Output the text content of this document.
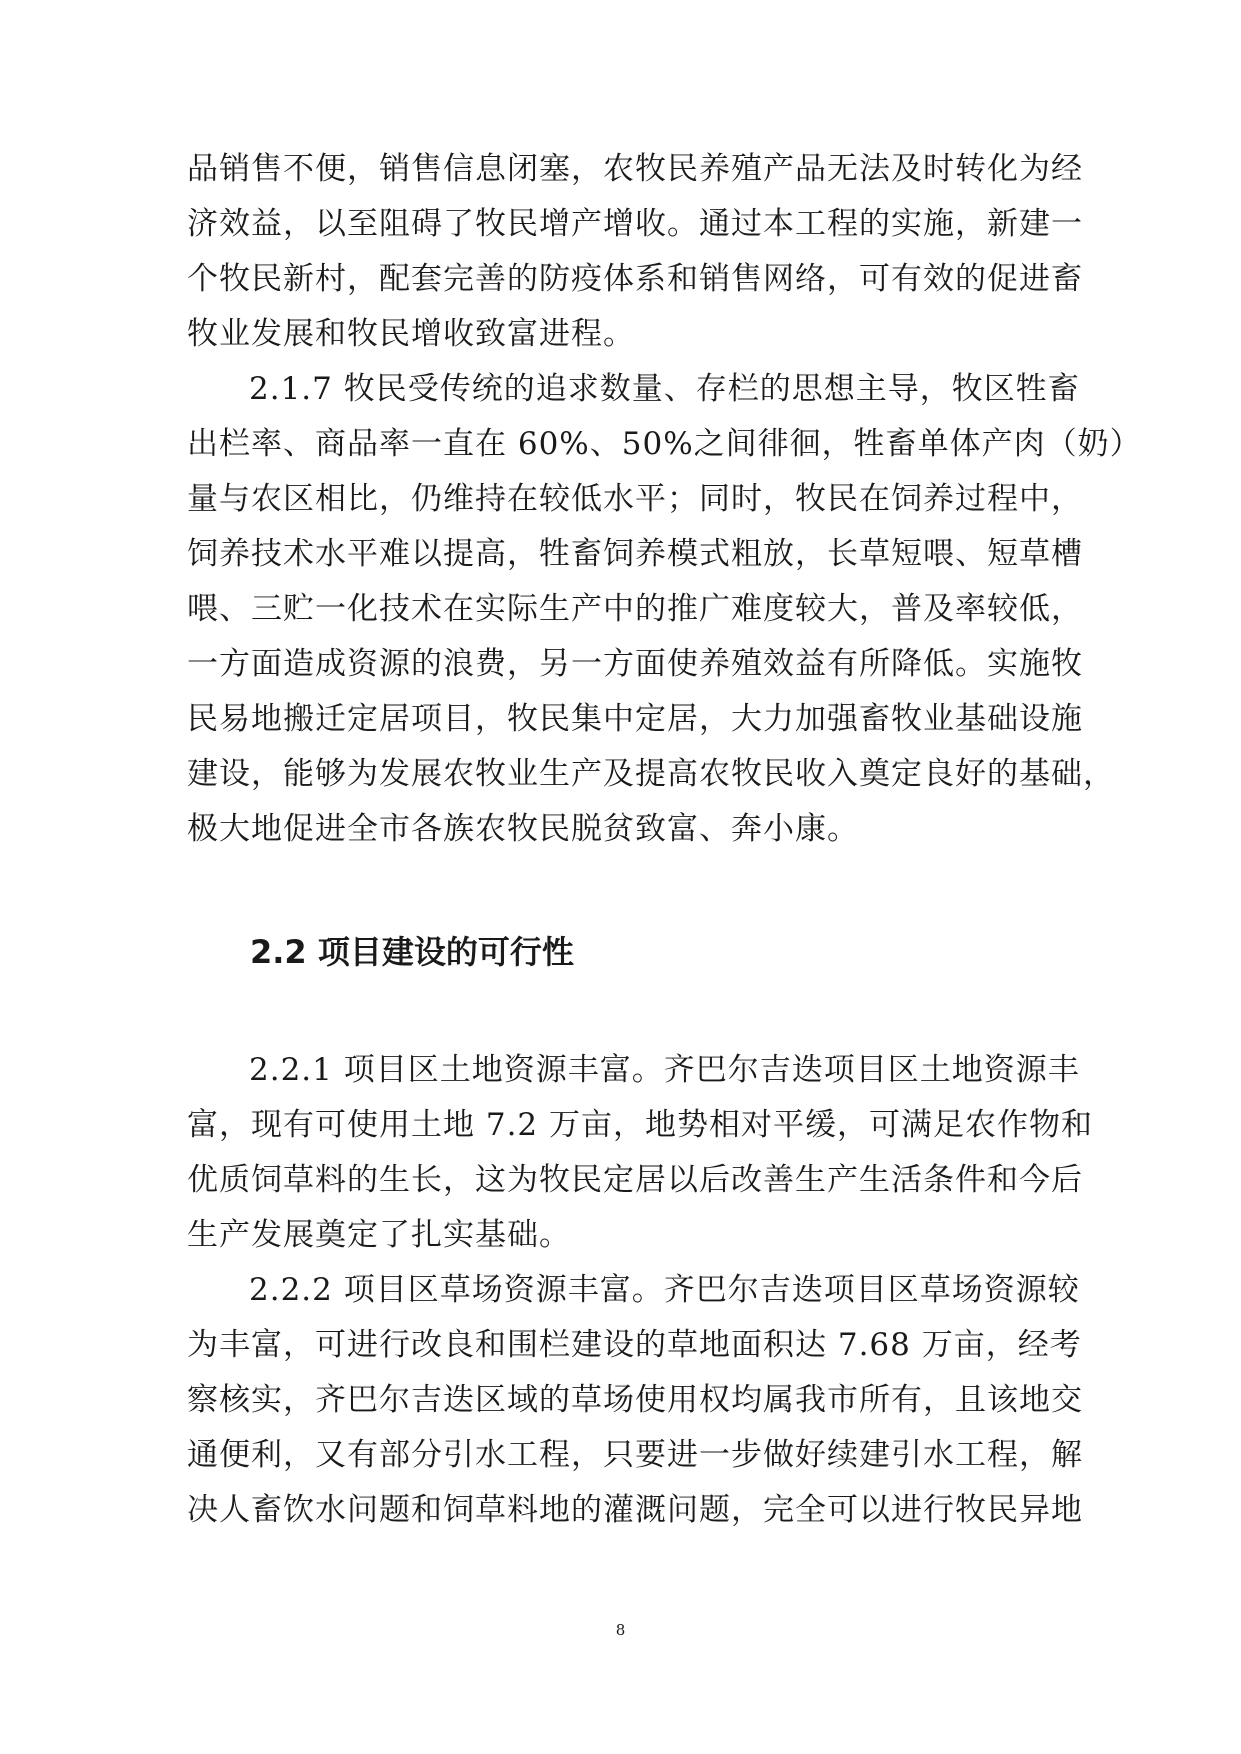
品销售不便，销售信息闭塞，农牧民养殖产品无法及时转化为经
济效益，以至阻碍了牧民增产增收。通过本工程的实施，新建一
个牧民新村，配套完善的防疫体系和销售网络，可有效的促进畜
牧业发展和牧民增收致富进程。
2.1.7 牧民受传统的追求数量、存栏的思想主导，牧区牲畜
出栏率、商品率一直在 60%、50%之间徘徊，牲畜单体产肉（奶）
量与农区相比，仍维持在较低水平；同时，牧民在饲养过程中，
饲养技术水平难以提高，牲畜饲养模式粗放，长草短喂、短草槽
喂、三贮一化技术在实际生产中的推广难度较大，普及率较低，
一方面造成资源的浪费，另一方面使养殖效益有所降低。实施牧
民易地搬迁定居项目，牧民集中定居，大力加强畜牧业基础设施
建设，能够为发展农牧业生产及提高农牧民收入奠定良好的基础，
极大地促进全市各族农牧民脱贫致富、奔小康。
2.2 项目建设的可行性
2.2.1 项目区土地资源丰富。齐巴尔吉迭项目区土地资源丰
富，现有可使用土地 7.2 万亩，地势相对平缓，可满足农作物和
优质饲草料的生长，这为牧民定居以后改善生产生活条件和今后
生产发展奠定了扎实基础。
2.2.2 项目区草场资源丰富。齐巴尔吉迭项目区草场资源较
为丰富，可进行改良和围栏建设的草地面积达 7.68 万亩，经考
察核实，齐巴尔吉迭区域的草场使用权均属我市所有，且该地交
通便利，又有部分引水工程，只要进一步做好续建引水工程，解
决人畜饮水问题和饲草料地的灌溉问题，完全可以进行牧民异地
8
